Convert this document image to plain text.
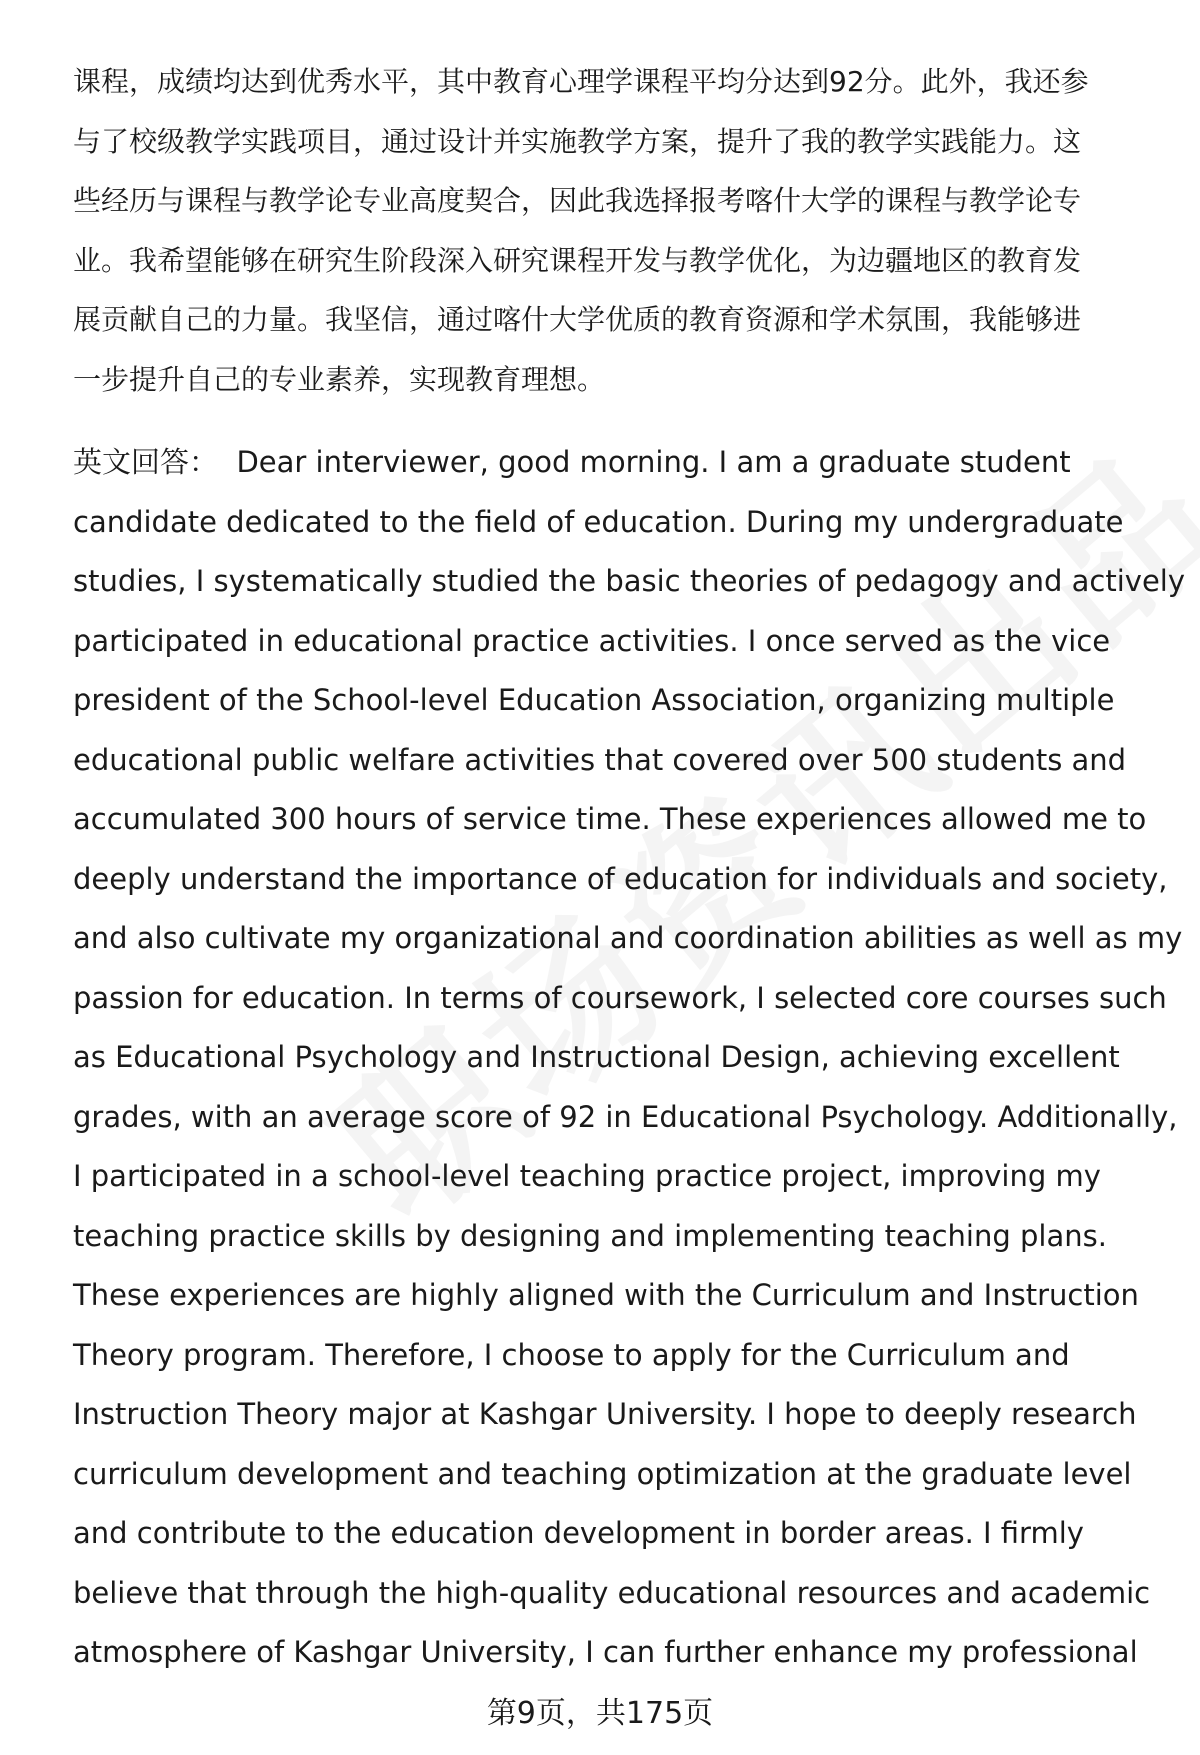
课程，成绩均达到优秀水平，其中教育心理学课程平均分达到92分。此外，我还参
与了校级教学实践项目，通过设计并实施教学方案，提升了我的教学实践能力。这
些经历与课程与教学论专业高度契合，因此我选择报考喀什大学的课程与教学论专
业。我希望能够在研究生阶段深入研究课程开发与教学优化，为边疆地区的教育发
展贡献自己的力量。我坚信，通过喀什大学优质的教育资源和学术氛围，我能够进
一步提升自己的专业素养，实现教育理想。
英文回答： Dear interviewer, good morning. I am a graduate student
candidate dedicated to the field of education. During my undergraduate
studies, I systematically studied the basic theories of pedagogy and actively
participated in educational practice activities. I once served as the vice
president of the School-level Education Association, organizing multiple
educational public welfare activities that covered over 500 students and
accumulated 300 hours of service time. These experiences allowed me to
deeply understand the importance of education for individuals and society,
and also cultivate my organizational and coordination abilities as well as my
passion for education. In terms of coursework, I selected core courses such
as Educational Psychology and Instructional Design, achieving excellent
grades, with an average score of 92 in Educational Psychology. Additionally,
I participated in a school-level teaching practice project, improving my
teaching practice skills by designing and implementing teaching plans.
These experiences are highly aligned with the Curriculum and Instruction
Theory program. Therefore, I choose to apply for the Curriculum and
Instruction Theory major at Kashgar University. I hope to deeply research
curriculum development and teaching optimization at the graduate level
and contribute to the education development in border areas. I firmly
believe that through the high-quality educational resources and academic
atmosphere of Kashgar University, I can further enhance my professional
第9页，共175页
